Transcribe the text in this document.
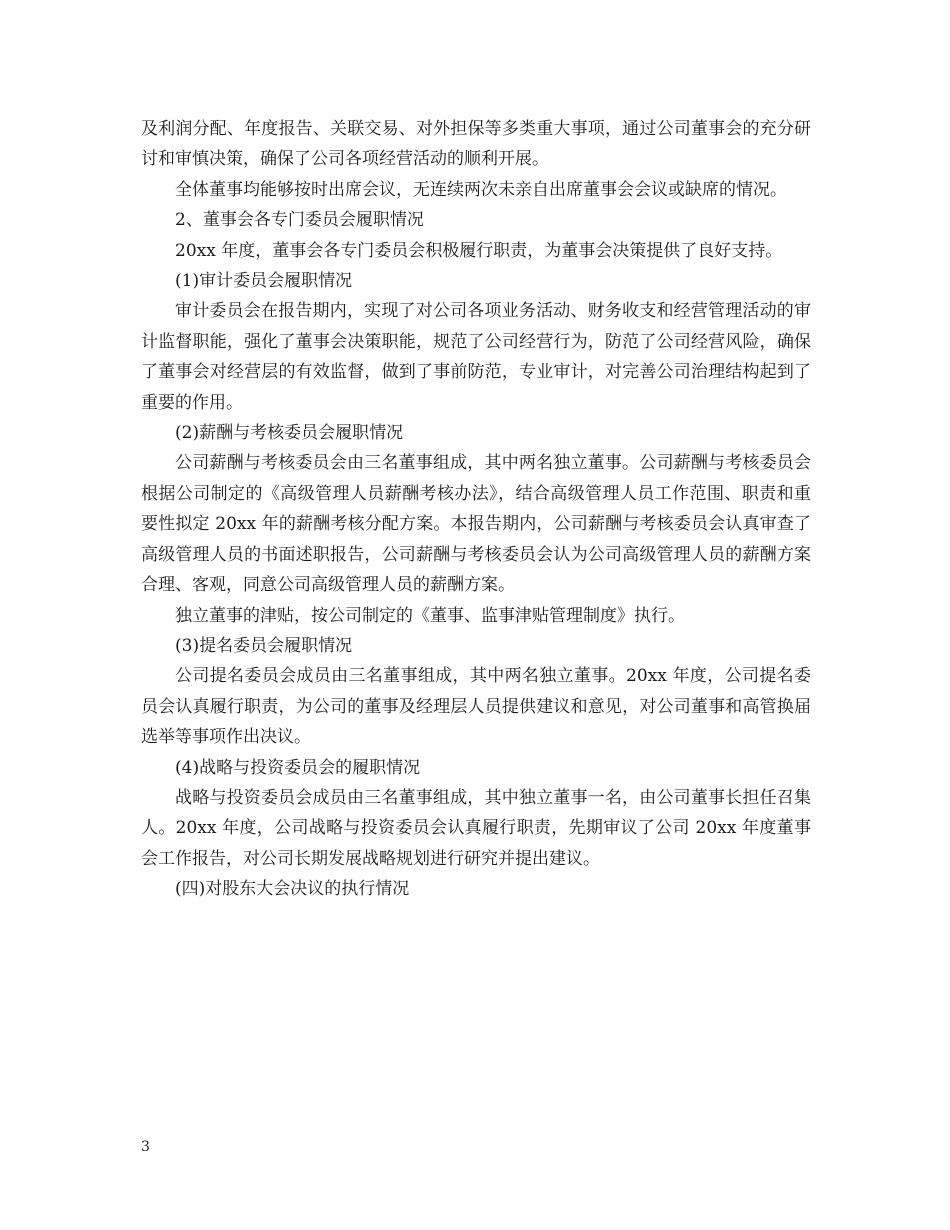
及利润分配、年度报告、关联交易、对外担保等多类重大事项，通过公司董事会的充分研讨和审慎决策，确保了公司各项经营活动的顺利开展。

全体董事均能够按时出席会议，无连续两次未亲自出席董事会会议或缺席的情况。

2、董事会各专门委员会履职情况

20xx 年度，董事会各专门委员会积极履行职责，为董事会决策提供了良好支持。

(1)审计委员会履职情况

审计委员会在报告期内，实现了对公司各项业务活动、财务收支和经营管理活动的审计监督职能，强化了董事会决策职能，规范了公司经营行为，防范了公司经营风险，确保了董事会对经营层的有效监督，做到了事前防范，专业审计，对完善公司治理结构起到了重要的作用。

(2)薪酬与考核委员会履职情况

公司薪酬与考核委员会由三名董事组成，其中两名独立董事。公司薪酬与考核委员会根据公司制定的《高级管理人员薪酬考核办法》，结合高级管理人员工作范围、职责和重要性拟定 20xx 年的薪酬考核分配方案。本报告期内，公司薪酬与考核委员会认真审查了高级管理人员的书面述职报告，公司薪酬与考核委员会认为公司高级管理人员的薪酬方案合理、客观，同意公司高级管理人员的薪酬方案。

独立董事的津贴，按公司制定的《董事、监事津贴管理制度》执行。

(3)提名委员会履职情况

公司提名委员会成员由三名董事组成，其中两名独立董事。20xx 年度，公司提名委员会认真履行职责，为公司的董事及经理层人员提供建议和意见，对公司董事和高管换届选举等事项作出决议。

(4)战略与投资委员会的履职情况

战略与投资委员会成员由三名董事组成，其中独立董事一名，由公司董事长担任召集人。20xx 年度，公司战略与投资委员会认真履行职责，先期审议了公司 20xx 年度董事会工作报告，对公司长期发展战略规划进行研究并提出建议。

(四)对股东大会决议的执行情况

3
